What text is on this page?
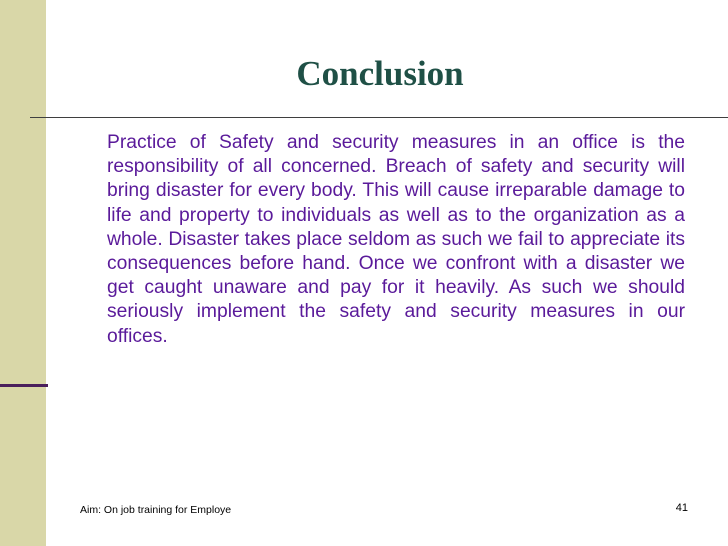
Conclusion

Practice of Safety and security measures in an office is the responsibility of all concerned. Breach of safety and security will bring disaster for every body. This will cause irreparable damage to life and property to individuals as well as to the organization as a whole. Disaster takes place seldom as such we fail to appreciate its consequences before hand. Once we confront with a disaster we get caught unaware and pay for it heavily. As such we should seriously implement the safety and security measures in our offices.

Aim: On job training for Employe	41
